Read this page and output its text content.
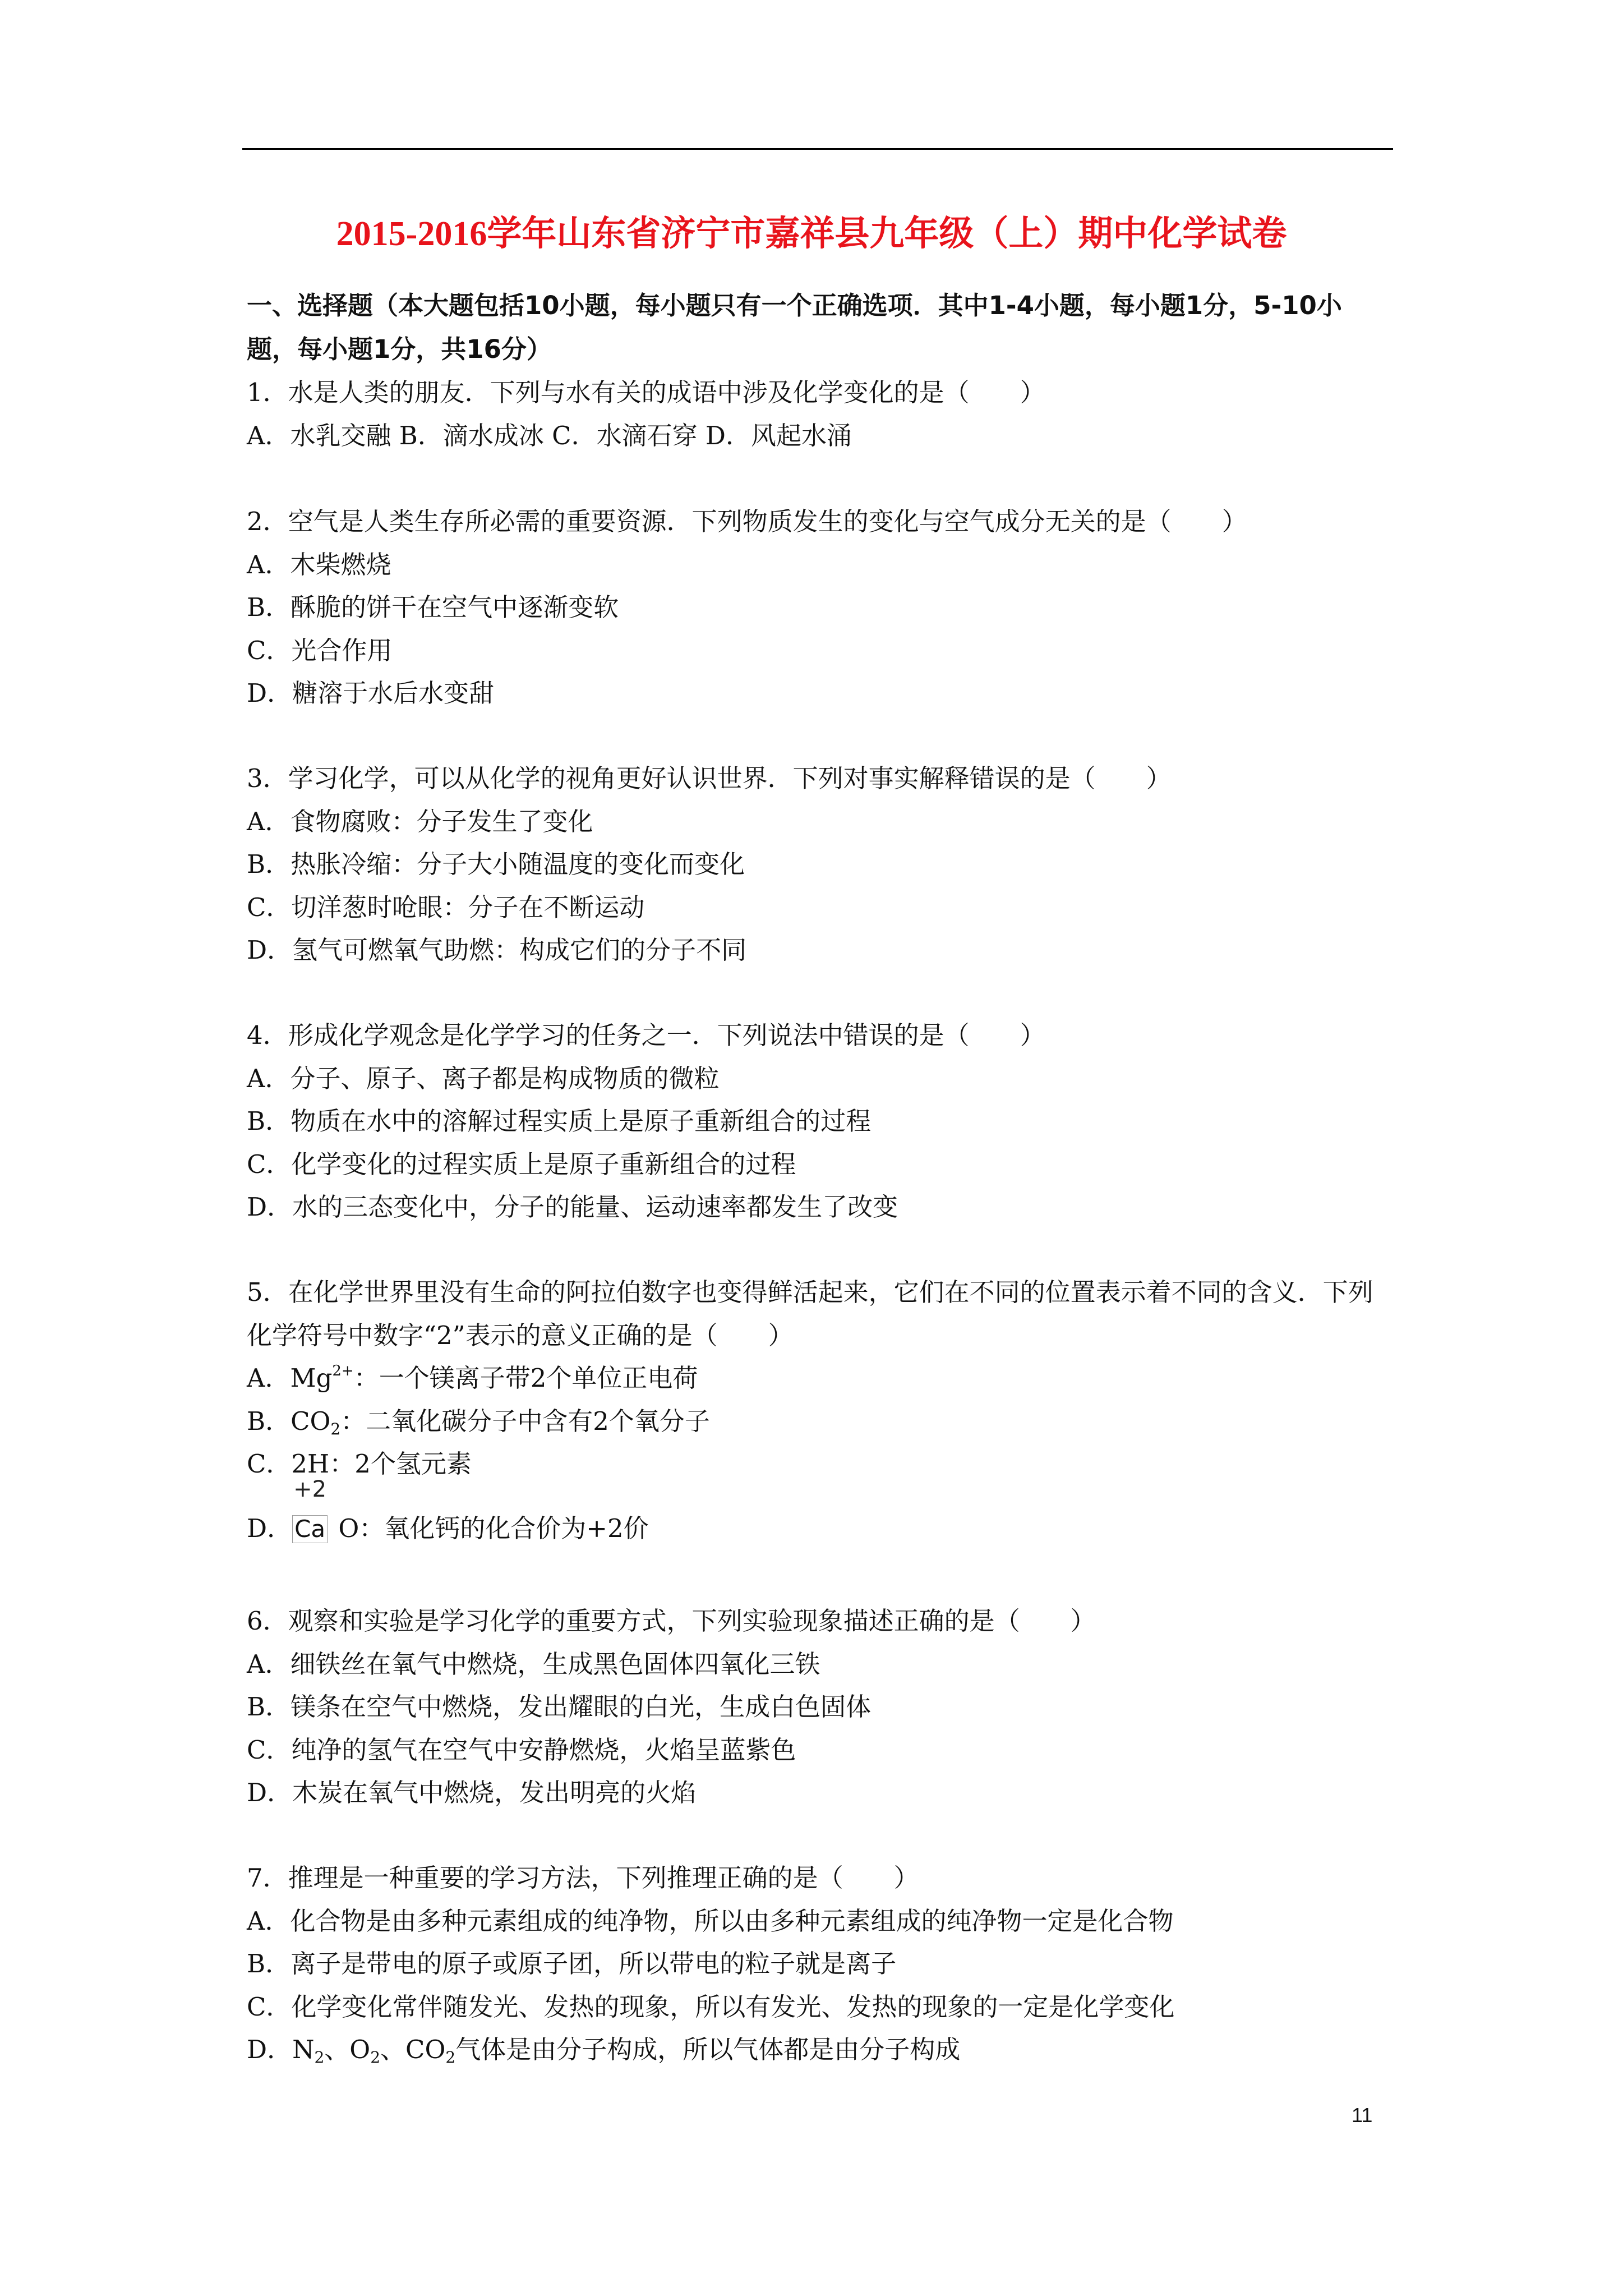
2015-2016学年山东省济宁市嘉祥县九年级（上）期中化学试卷
一、选择题（本大题包括10小题，每小题只有一个正确选项．其中1-4小题，每小题1分，5-10小题，每小题1分，共16分）

1．水是人类的朋友．下列与水有关的成语中涉及化学变化的是（　　）

A．水乳交融 B．滴水成冰 C．水滴石穿 D．风起水涌

2．空气是人类生存所必需的重要资源．下列物质发生的变化与空气成分无关的是（　　）

A．木柴燃烧

B．酥脆的饼干在空气中逐渐变软

C．光合作用

D．糖溶于水后水变甜

3．学习化学，可以从化学的视角更好认识世界．下列对事实解释错误的是（　　）

A．食物腐败：分子发生了变化

B．热胀冷缩：分子大小随温度的变化而变化

C．切洋葱时呛眼：分子在不断运动

D．氢气可燃氧气助燃：构成它们的分子不同

4．形成化学观念是化学学习的任务之一．下列说法中错误的是（　　）

A．分子、原子、离子都是构成物质的微粒

B．物质在水中的溶解过程实质上是原子重新组合的过程

C．化学变化的过程实质上是原子重新组合的过程

D．水的三态变化中，分子的能量、运动速率都发生了改变

5．在化学世界里没有生命的阿拉伯数字也变得鲜活起来，它们在不同的位置表示着不同的含义．下列化学符号中数字“2”表示的意义正确的是（　　）

A．$Mg^{2+}$：一个镁离子带2个单位正电荷

B．$CO_2$：二氧化碳分子中含有2个氧分子

C．2H：2个氢元素

D． $\frac{+2}{Ca}$ O：氧化钙的化合价为+2价

6．观察和实验是学习化学的重要方式，下列实验现象描述正确的是（　　）

A．细铁丝在氧气中燃烧，生成黑色固体四氧化三铁

B．镁条在空气中燃烧，发出耀眼的白光，生成白色固体

C．纯净的氢气在空气中安静燃烧，火焰呈蓝紫色

D．木炭在氧气中燃烧，发出明亮的火焰

7．推理是一种重要的学习方法，下列推理正确的是（　　）

A．化合物是由多种元素组成的纯净物，所以由多种元素组成的纯净物一定是化合物

B．离子是带电的原子或原子团，所以带电的粒子就是离子

C．化学变化常伴随发光、发热的现象，所以有发光、发热的现象的一定是化学变化

D．$N_2$、$O_2$、$CO_2$气体是由分子构成，所以气体都是由分子构成

11
